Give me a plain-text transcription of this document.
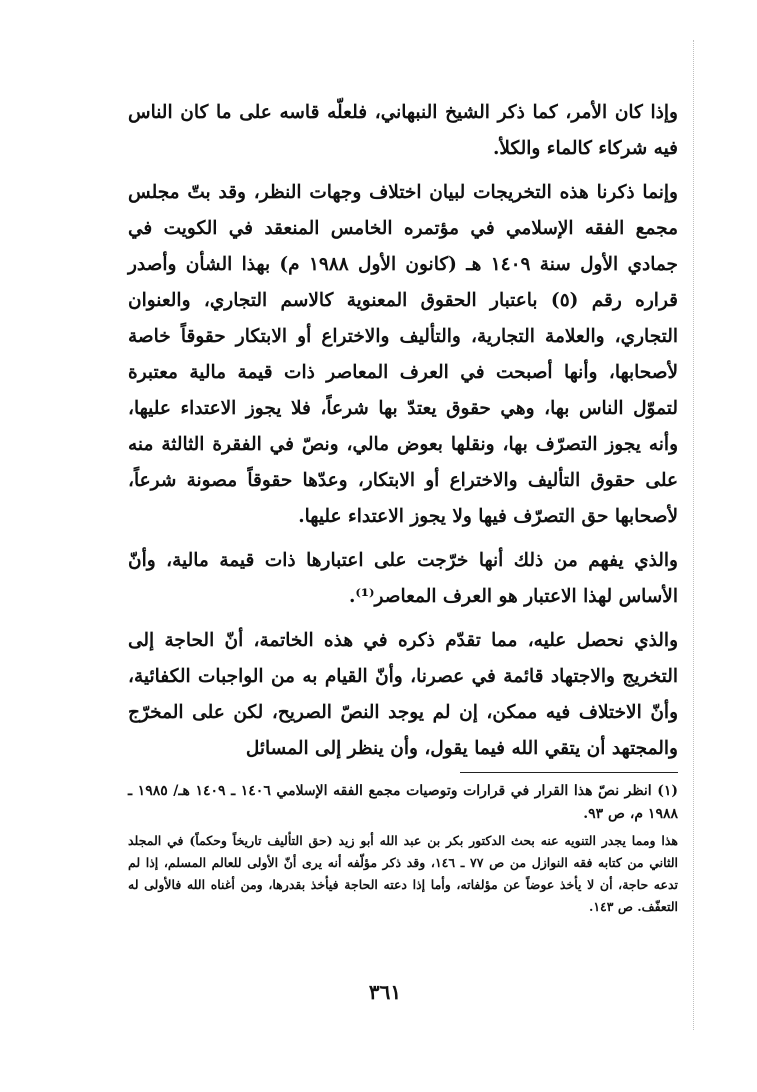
وإذا كان الأمر، كما ذكر الشيخ النبهاني، فلعلّه قاسه على ما كان الناس فيه شركاء كالماء والكلأ.

وإنما ذكرنا هذه التخريجات لبيان اختلاف وجهات النظر، وقد بتّ مجلس مجمع الفقه الإسلامي في مؤتمره الخامس المنعقد في الكويت في جمادي الأول سنة ١٤٠٩ هـ (كانون الأول ١٩٨٨ م) بهذا الشأن وأصدر قراره رقم (٥) باعتبار الحقوق المعنوية كالاسم التجاري، والعنوان التجاري، والعلامة التجارية، والتأليف والاختراع أو الابتكار حقوقاً خاصة لأصحابها، وأنها أصبحت في العرف المعاصر ذات قيمة مالية معتبرة لتموّل الناس بها، وهي حقوق يعتدّ بها شرعاً، فلا يجوز الاعتداء عليها، وأنه يجوز التصرّف بها، ونقلها بعوض مالي، ونصّ في الفقرة الثالثة منه على حقوق التأليف والاختراع أو الابتكار، وعدّها حقوقاً مصونة شرعاً، لأصحابها حق التصرّف فيها ولا يجوز الاعتداء عليها.

والذي يفهم من ذلك أنها خرّجت على اعتبارها ذات قيمة مالية، وأنّ الأساس لهذا الاعتبار هو العرف المعاصر⁽¹⁾.

والذي نحصل عليه، مما تقدّم ذكره في هذه الخاتمة، أنّ الحاجة إلى التخريج والاجتهاد قائمة في عصرنا، وأنّ القيام به من الواجبات الكفائية، وأنّ الاختلاف فيه ممكن، إن لم يوجد النصّ الصريح، لكن على المخرّج والمجتهد أن يتقي الله فيما يقول، وأن ينظر إلى المسائل

(١) انظر نصّ هذا القرار في قرارات وتوصيات مجمع الفقه الإسلامي ١٤٠٦ ـ ١٤٠٩ هـ/ ١٩٨٥ ـ ١٩٨٨ م، ص ٩٣.

هذا ومما يجدر التنويه عنه بحث الدكتور بكر بن عبد الله أبو زيد (حق التأليف تاريخاً وحكماً) في المجلد الثاني من كتابه فقه النوازل من ص ٧٧ ـ ١٤٦، وقد ذكر مؤلّفه أنه يرى أنّ الأولى للعالم المسلم، إذا لم تدعه حاجة، أن لا يأخذ عوضاً عن مؤلفاته، وأما إذا دعته الحاجة فيأخذ بقدرها، ومن أغناه الله فالأولى له التعفّف. ص ١٤٣.

٣٦١
